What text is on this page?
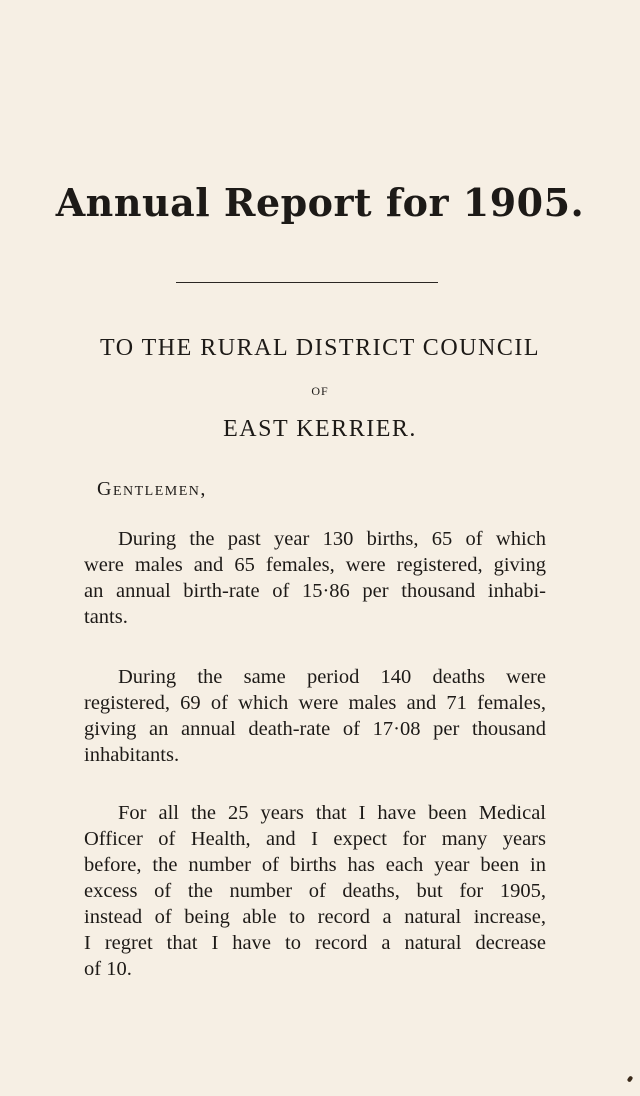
Annual Report for 1905.
TO THE RURAL DISTRICT COUNCIL
OF
EAST KERRIER.
Gentlemen,

During the past year 130 births, 65 of which
were males and 65 females, were registered, giving
an annual birth-rate of 15·86 per thousand inhabi-
tants.

During the same period 140 deaths were
registered, 69 of which were males and 71 females,
giving an annual death-rate of 17·08 per thousand
inhabitants.

For all the 25 years that I have been Medical
Officer of Health, and I expect for many years
before, the number of births has each year been in
excess of the number of deaths, but for 1905,
instead of being able to record a natural increase,
I regret that I have to record a natural decrease
of 10.
